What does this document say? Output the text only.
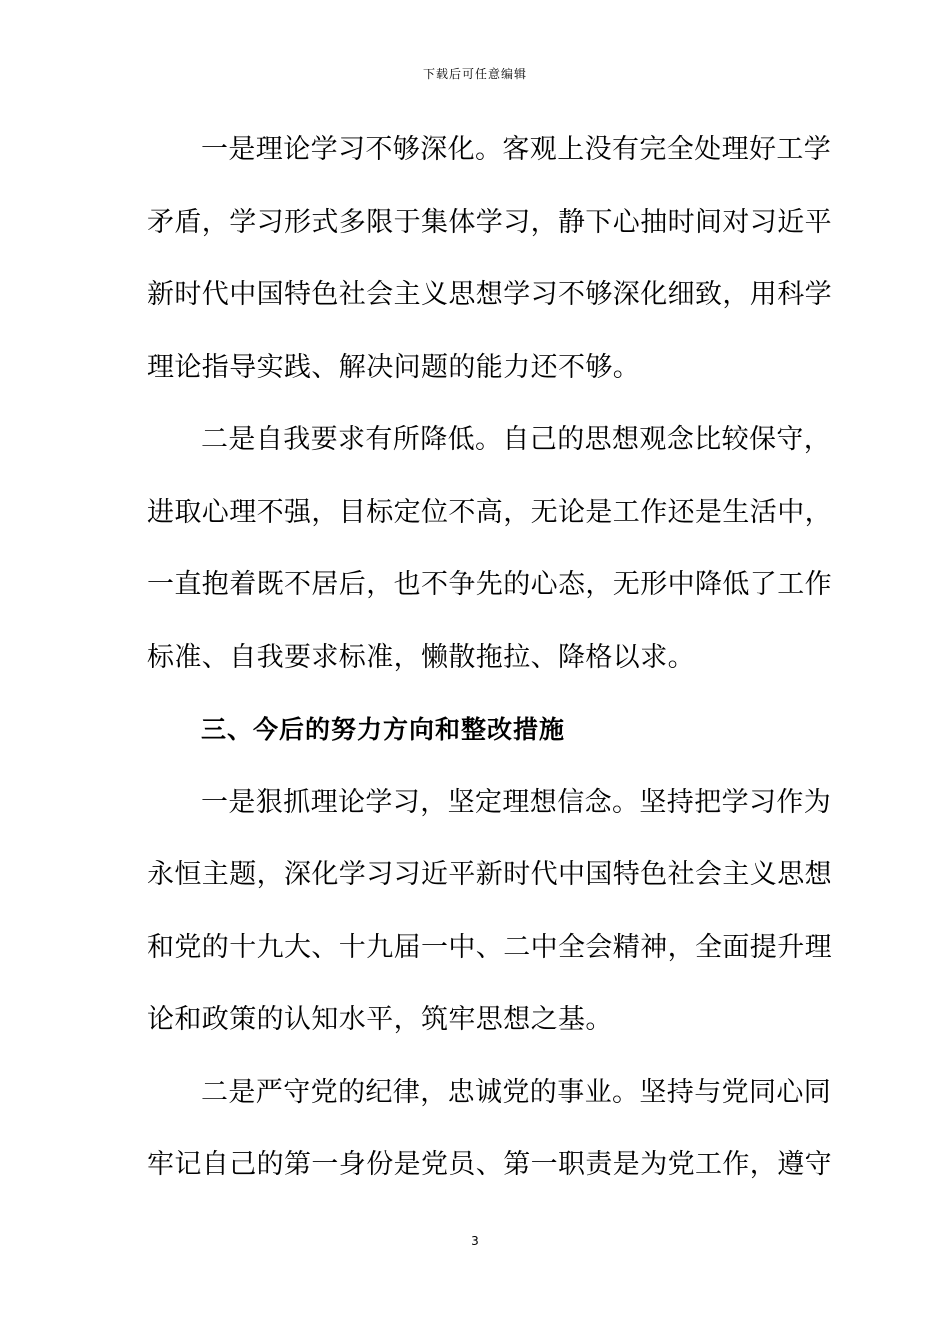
下载后可任意编辑
一是理论学习不够深化。客观上没有完全处理好工学
矛盾，学习形式多限于集体学习，静下心抽时间对习近平
新时代中国特色社会主义思想学习不够深化细致，用科学
理论指导实践、解决问题的能力还不够。
二是自我要求有所降低。自己的思想观念比较保守，
进取心理不强，目标定位不高，无论是工作还是生活中，
一直抱着既不居后，也不争先的心态，无形中降低了工作
标准、自我要求标准，懒散拖拉、降格以求。
三、今后的努力方向和整改措施
一是狠抓理论学习，坚定理想信念。坚持把学习作为
永恒主题，深化学习习近平新时代中国特色社会主义思想
和党的十九大、十九届一中、二中全会精神，全面提升理
论和政策的认知水平，筑牢思想之基。
二是严守党的纪律，忠诚党的事业。坚持与党同心同
牢记自己的第一身份是党员、第一职责是为党工作，遵守
3
